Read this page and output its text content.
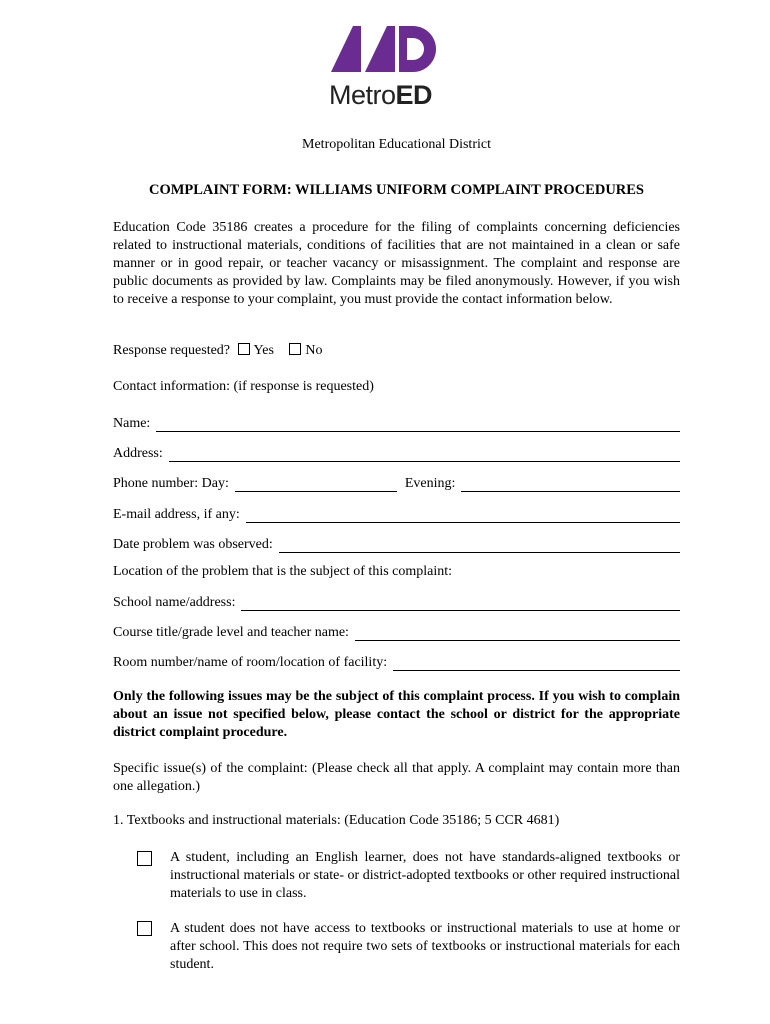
MetroED
Metropolitan Educational District
COMPLAINT FORM: WILLIAMS UNIFORM COMPLAINT PROCEDURES
Education Code 35186 creates a procedure for the filing of complaints concerning deficiencies related to instructional materials, conditions of facilities that are not maintained in a clean or safe manner or in good repair, or teacher vacancy or misassignment. The complaint and response are public documents as provided by law. Complaints may be filed anonymously. However, if you wish to receive a response to your complaint, you must provide the contact information below.
Response requested? Yes No
Contact information: (if response is requested)
Name:
Address:
Phone number: Day:	Evening:
E-mail address, if any:
Date problem was observed:
Location of the problem that is the subject of this complaint:
School name/address:
Course title/grade level and teacher name:
Room number/name of room/location of facility:
Only the following issues may be the subject of this complaint process. If you wish to complain about an issue not specified below, please contact the school or district for the appropriate district complaint procedure.
Specific issue(s) of the complaint: (Please check all that apply. A complaint may contain more than one allegation.)
1. Textbooks and instructional materials: (Education Code 35186; 5 CCR 4681)
A student, including an English learner, does not have standards-aligned textbooks or instructional materials or state- or district-adopted textbooks or other required instructional materials to use in class.
A student does not have access to textbooks or instructional materials to use at home or after school. This does not require two sets of textbooks or instructional materials for each student.
